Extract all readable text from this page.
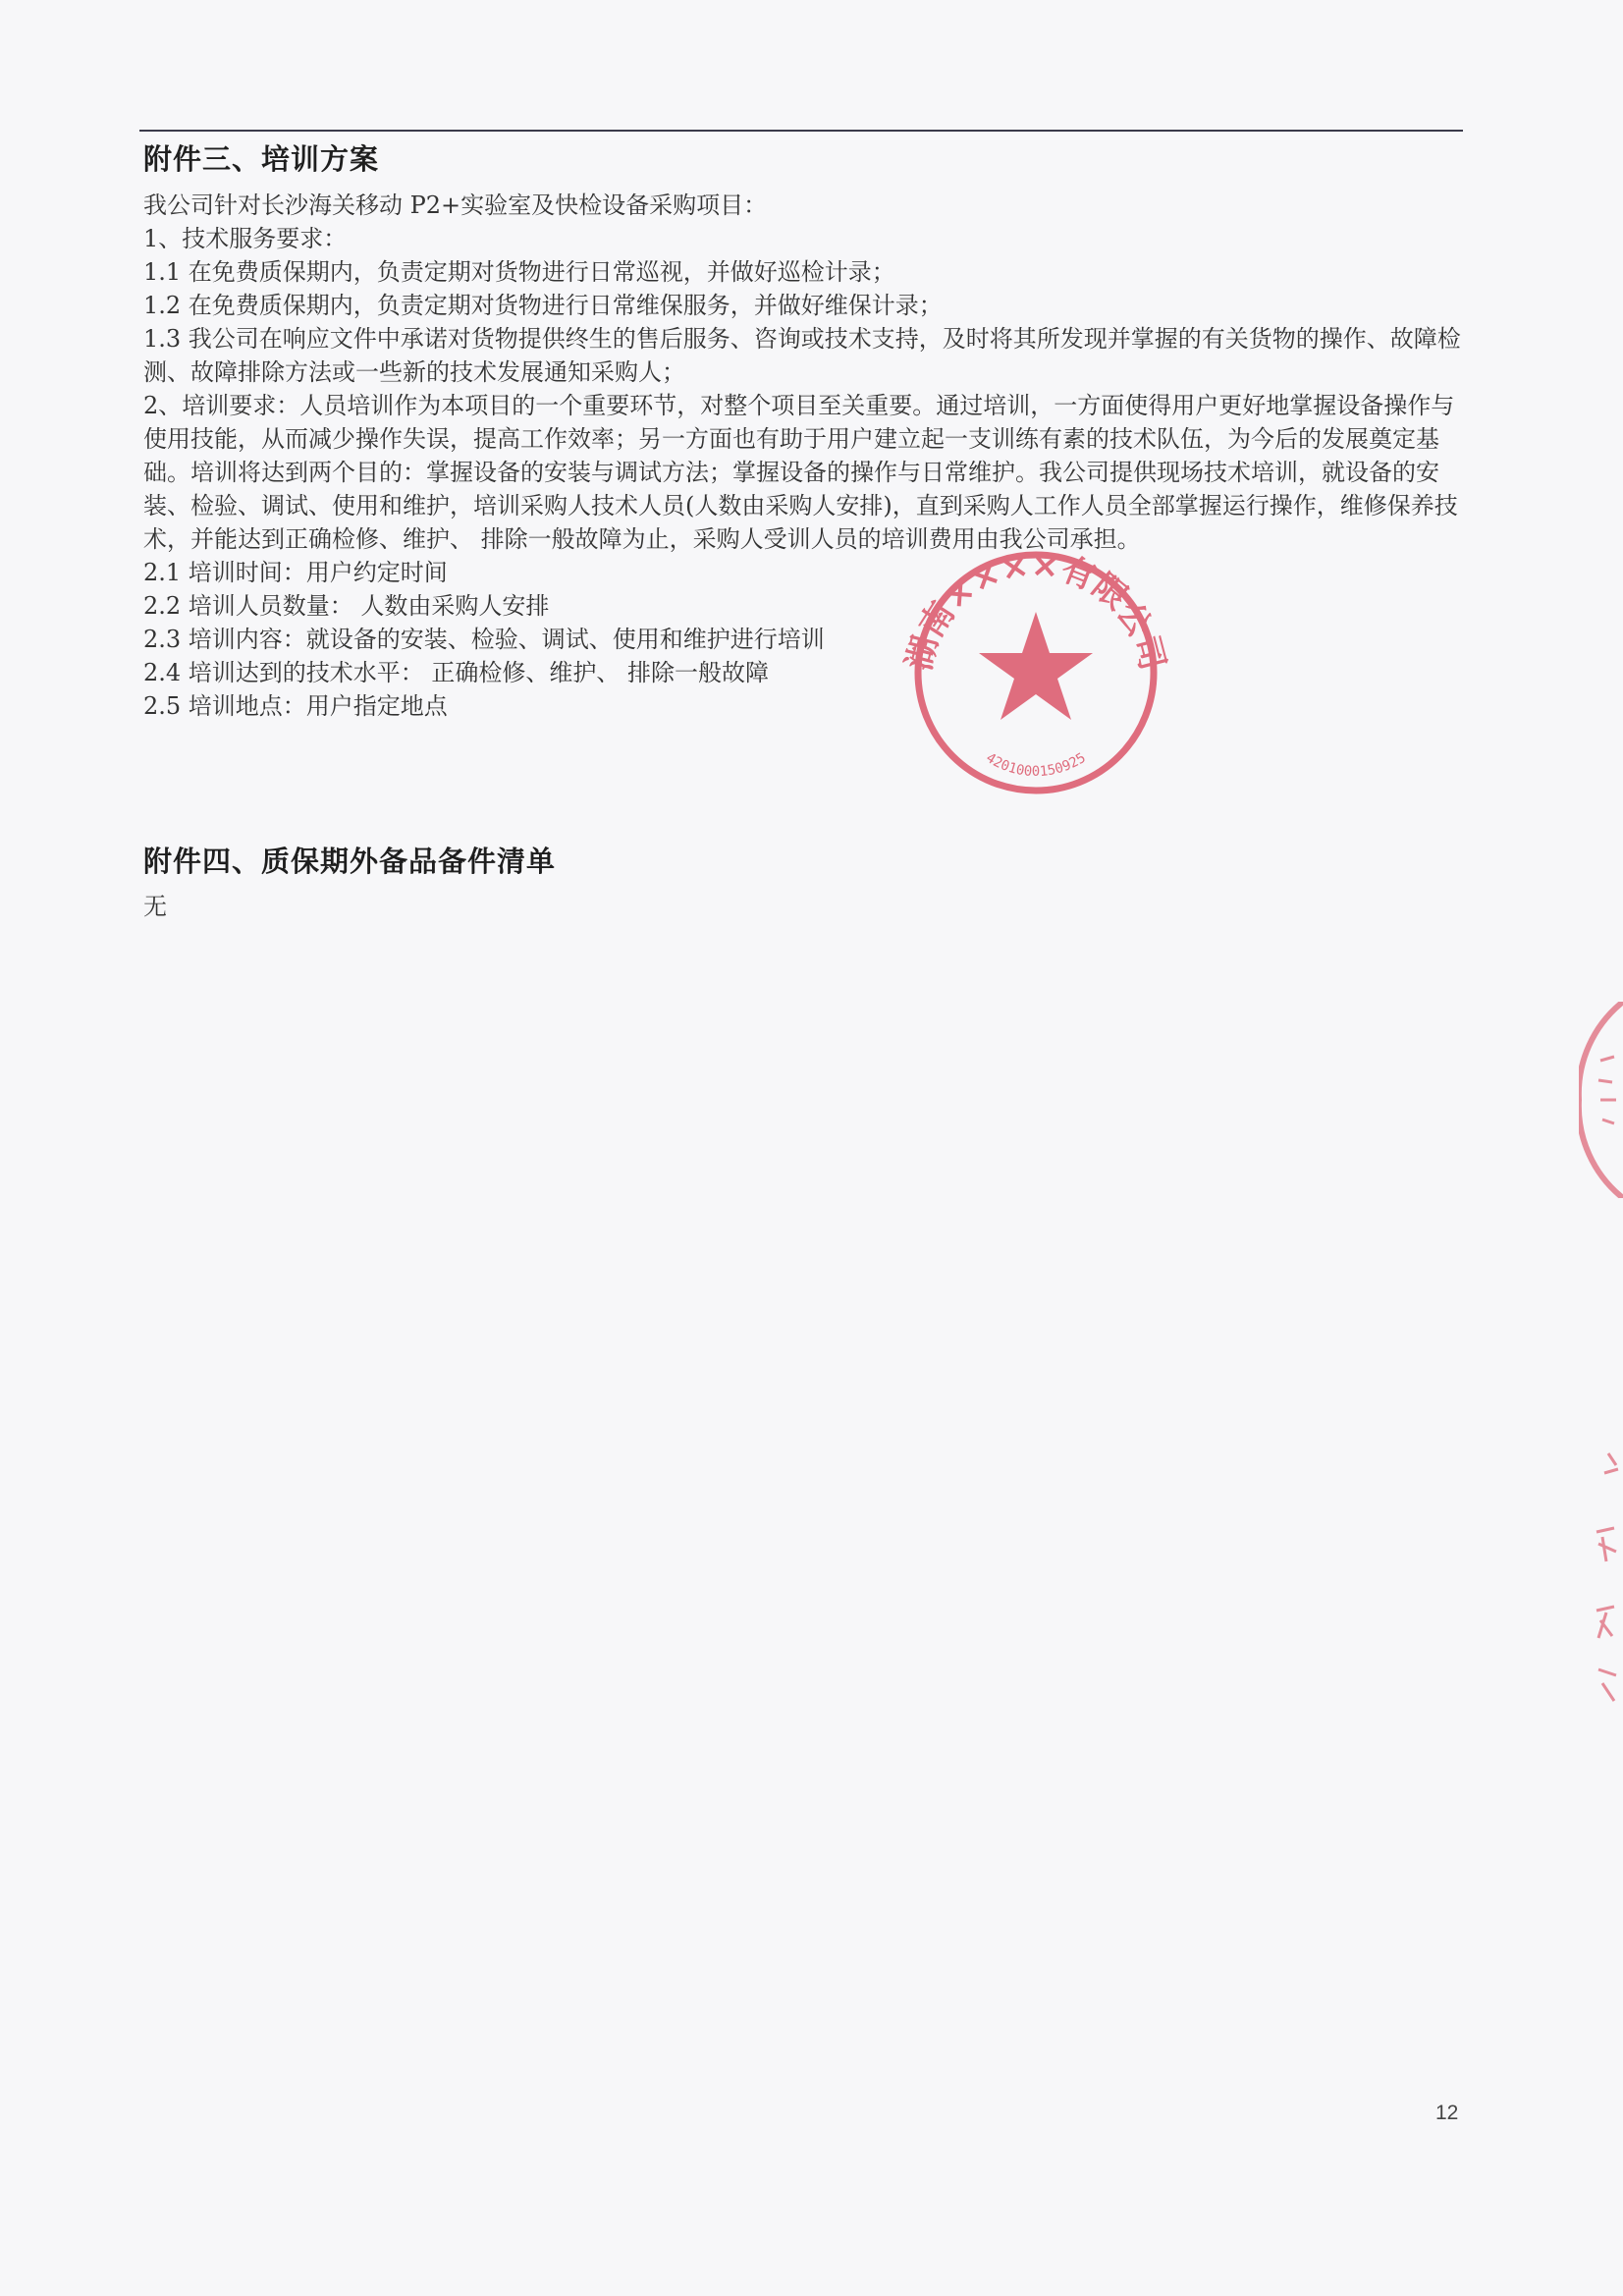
附件三、培训方案

我公司针对长沙海关移动 P2+实验室及快检设备采购项目：

1、技术服务要求：

1.1 在免费质保期内，负责定期对货物进行日常巡视，并做好巡检计录；

1.2 在免费质保期内，负责定期对货物进行日常维保服务，并做好维保计录；

1.3 我公司在响应文件中承诺对货物提供终生的售后服务、咨询或技术支持，及时将其所发现并掌握的有关货物的操作、故障检测、故障排除方法或一些新的技术发展通知采购人；

2、培训要求：人员培训作为本项目的一个重要环节，对整个项目至关重要。通过培训，一方面使得用户更好地掌握设备操作与使用技能，从而减少操作失误，提高工作效率；另一方面也有助于用户建立起一支训练有素的技术队伍，为今后的发展奠定基础。培训将达到两个目的：掌握设备的安装与调试方法；掌握设备的操作与日常维护。我公司提供现场技术培训，就设备的安装、检验、调试、使用和维护，培训采购人技术人员(人数由采购人安排)，直到采购人工作人员全部掌握运行操作，维修保养技术，并能达到正确检修、维护、 排除一般故障为止，采购人受训人员的培训费用由我公司承担。

2.1 培训时间：用户约定时间

2.2 培训人员数量： 人数由采购人安排

2.3 培训内容：就设备的安装、检验、调试、使用和维护进行培训

2.4 培训达到的技术水平： 正确检修、维护、 排除一般故障

2.5 培训地点：用户指定地点

湖南××××有限公司
4201000150925
附件四、质保期外备品备件清单
无
12
